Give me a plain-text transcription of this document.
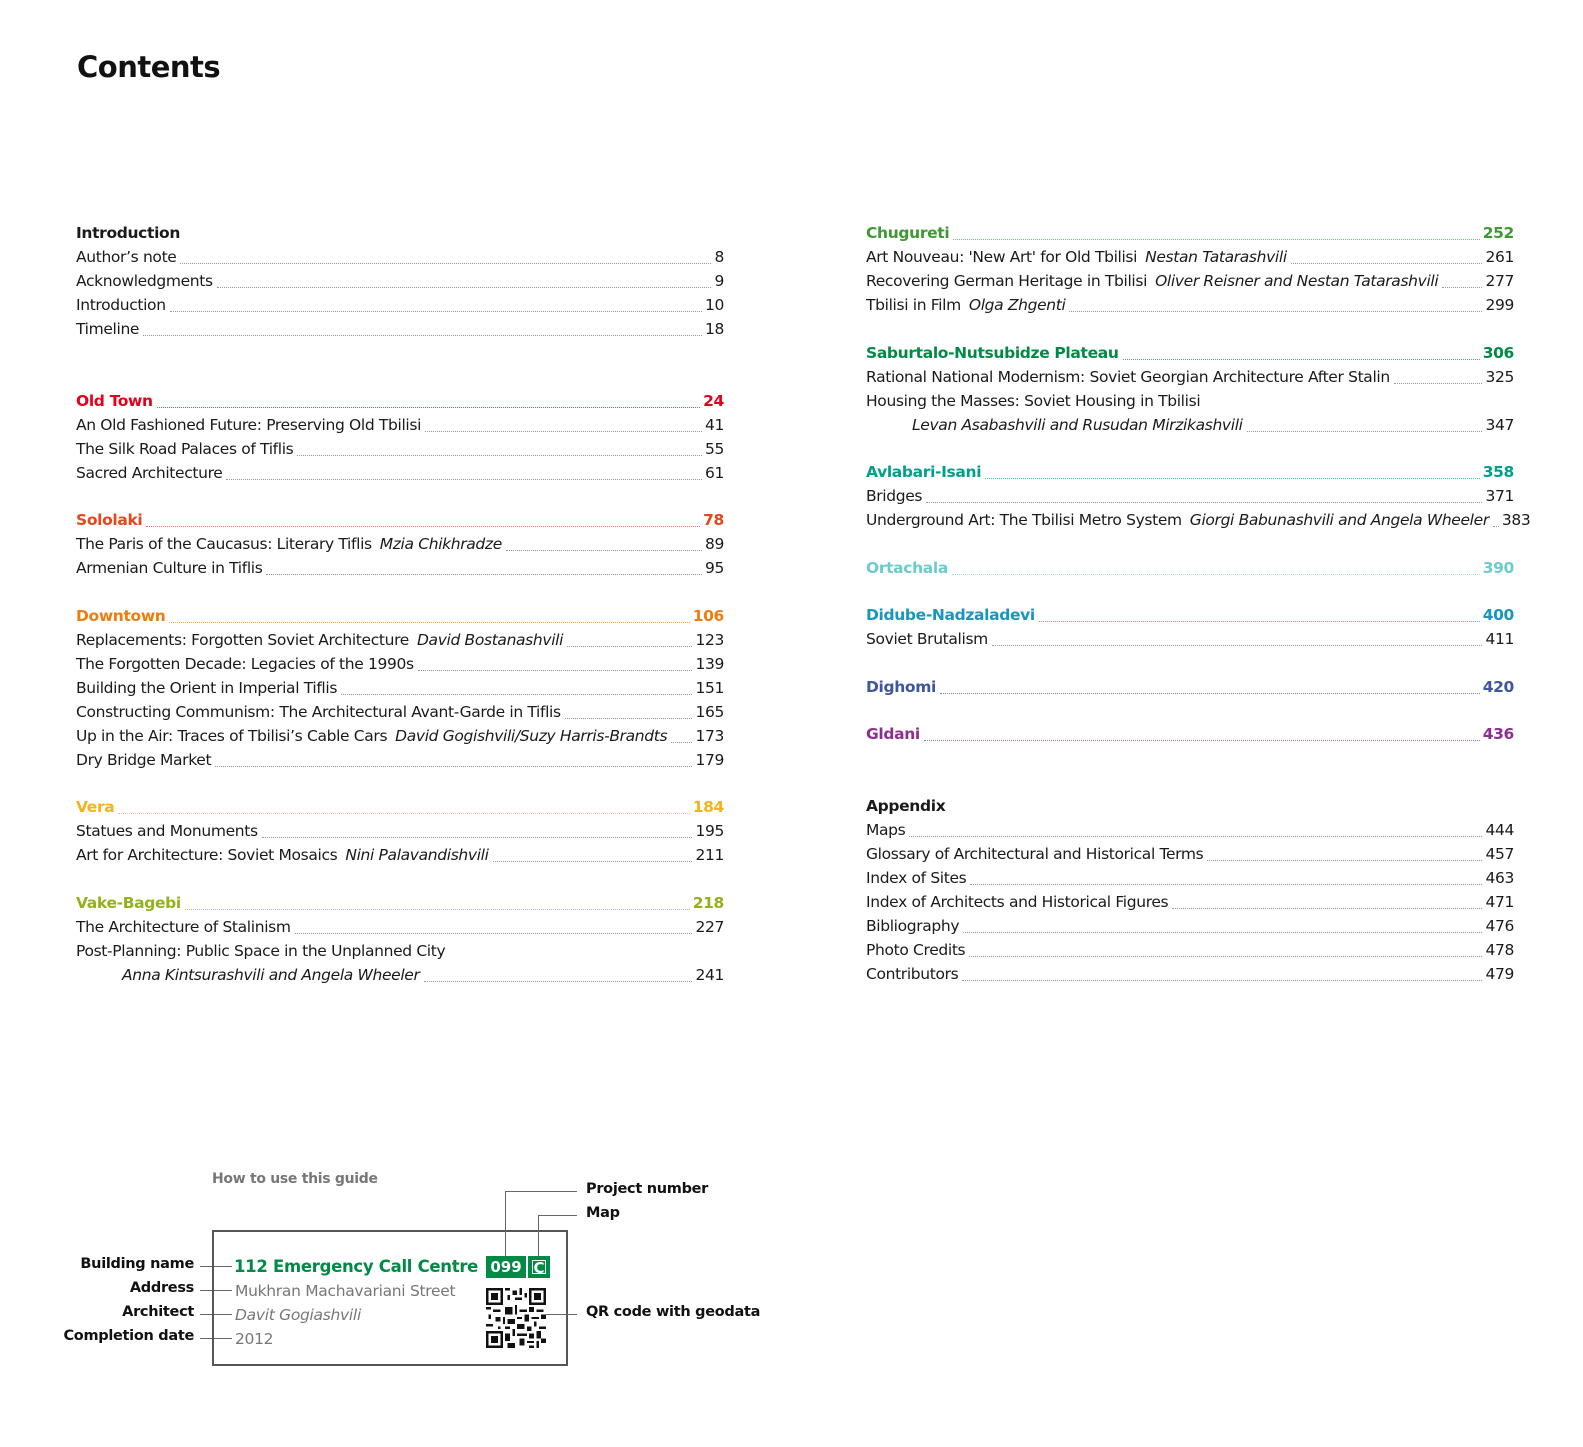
Contents
Introduction
Author’s note	8
Acknowledgments	9
Introduction	10
Timeline	18
Old Town	24
An Old Fashioned Future: Preserving Old Tbilisi	41
The Silk Road Palaces of Tiflis	55
Sacred Architecture	61
Sololaki	78
The Paris of the Caucasus: Literary Tiflis Mzia Chikhradze	89
Armenian Culture in Tiflis	95
Downtown	106
Replacements: Forgotten Soviet Architecture David Bostanashvili	123
The Forgotten Decade: Legacies of the 1990s	139
Building the Orient in Imperial Tiflis	151
Constructing Communism: The Architectural Avant-Garde in Tiflis	165
Up in the Air: Traces of Tbilisi’s Cable Cars David Gogishvili/Suzy Harris-Brandts 173
Dry Bridge Market	179
Vera	184
Statues and Monuments	195
Art for Architecture: Soviet Mosaics Nini Palavandishvili	211
Vake-Bagebi	218
The Architecture of Stalinism	227
Post-Planning: Public Space in the Unplanned City
Anna Kintsurashvili and Angela Wheeler	241
Chugureti	252
Art Nouveau: 'New Art' for Old Tbilisi Nestan Tatarashvili	261
Recovering German Heritage in Tbilisi Oliver Reisner and Nestan Tatarashvili	277
Tbilisi in Film Olga Zhgenti	299
Saburtalo-Nutsubidze Plateau	306
Rational National Modernism: Soviet Georgian Architecture After Stalin	325
Housing the Masses: Soviet Housing in Tbilisi
Levan Asabashvili and Rusudan Mirzikashvili	347
Avlabari-Isani	358
Bridges	371
Underground Art: The Tbilisi Metro System Giorgi Babunashvili and Angela Wheeler 383
Ortachala	390
Didube-Nadzaladevi	400
Soviet Brutalism	411
Dighomi	420
Gldani	436
Appendix
Maps	444
Glossary of Architectural and Historical Terms	457
Index of Sites	463
Index of Architects and Historical Figures	471
Bibliography	476
Photo Credits	478
Contributors	479
How to use this guide
Building name
Address
Architect
Completion date
112 Emergency Call Centre
Mukhran Machavariani Street
Davit Gogiashvili
2012
099 C
Project number
Map
QR code with geodata
